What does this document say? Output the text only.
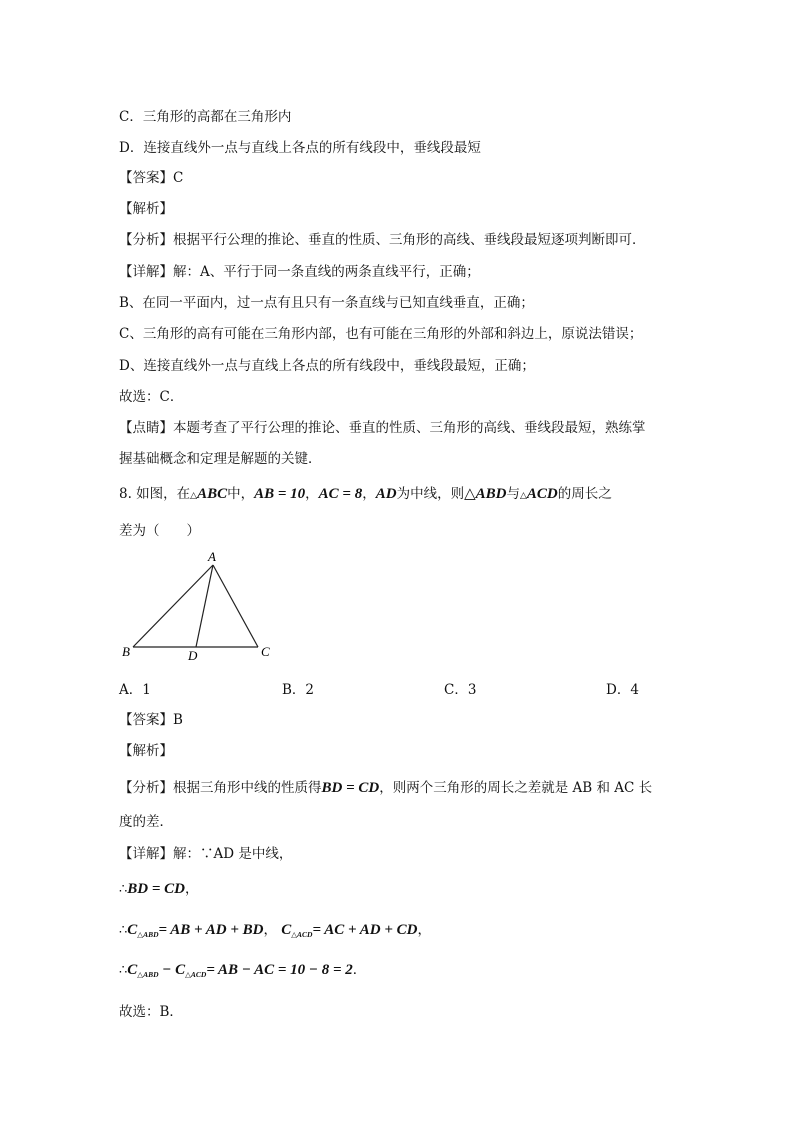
C．三角形的高都在三角形内
D．连接直线外一点与直线上各点的所有线段中，垂线段最短
【答案】C
【解析】
【分析】根据平行公理的推论、垂直的性质、三角形的高线、垂线段最短逐项判断即可．
【详解】解：A、平行于同一条直线的两条直线平行，正确；
B、在同一平面内，过一点有且只有一条直线与已知直线垂直，正确；
C、三角形的高有可能在三角形内部，也有可能在三角形的外部和斜边上，原说法错误；
D、连接直线外一点与直线上各点的所有线段中，垂线段最短，正确；
故选：C．
【点睛】本题考查了平行公理的推论、垂直的性质、三角形的高线、垂线段最短，熟练掌
握基础概念和定理是解题的关键．
8. 如图，在△ABC中，AB = 10，AC = 8，AD为中线，则△ABD与△ACD的周长之
差为（　　）
A
B	D	C
A．1	B．2	C．3	D．4
【答案】B
【解析】
【分析】根据三角形中线的性质得BD = CD，则两个三角形的周长之差就是 AB 和 AC 长
度的差．
【详解】解：∵AD 是中线，
∴BD = CD，
$\therefore C_{\triangle ABD}=$ AB + AD + BD， $C_{\triangle ACD}=$ AC + AD + CD，
$\therefore C_{\triangle ABD} - C_{\triangle ACD}=$ AB − AC = 10 − 8 = 2．
故选：B．
